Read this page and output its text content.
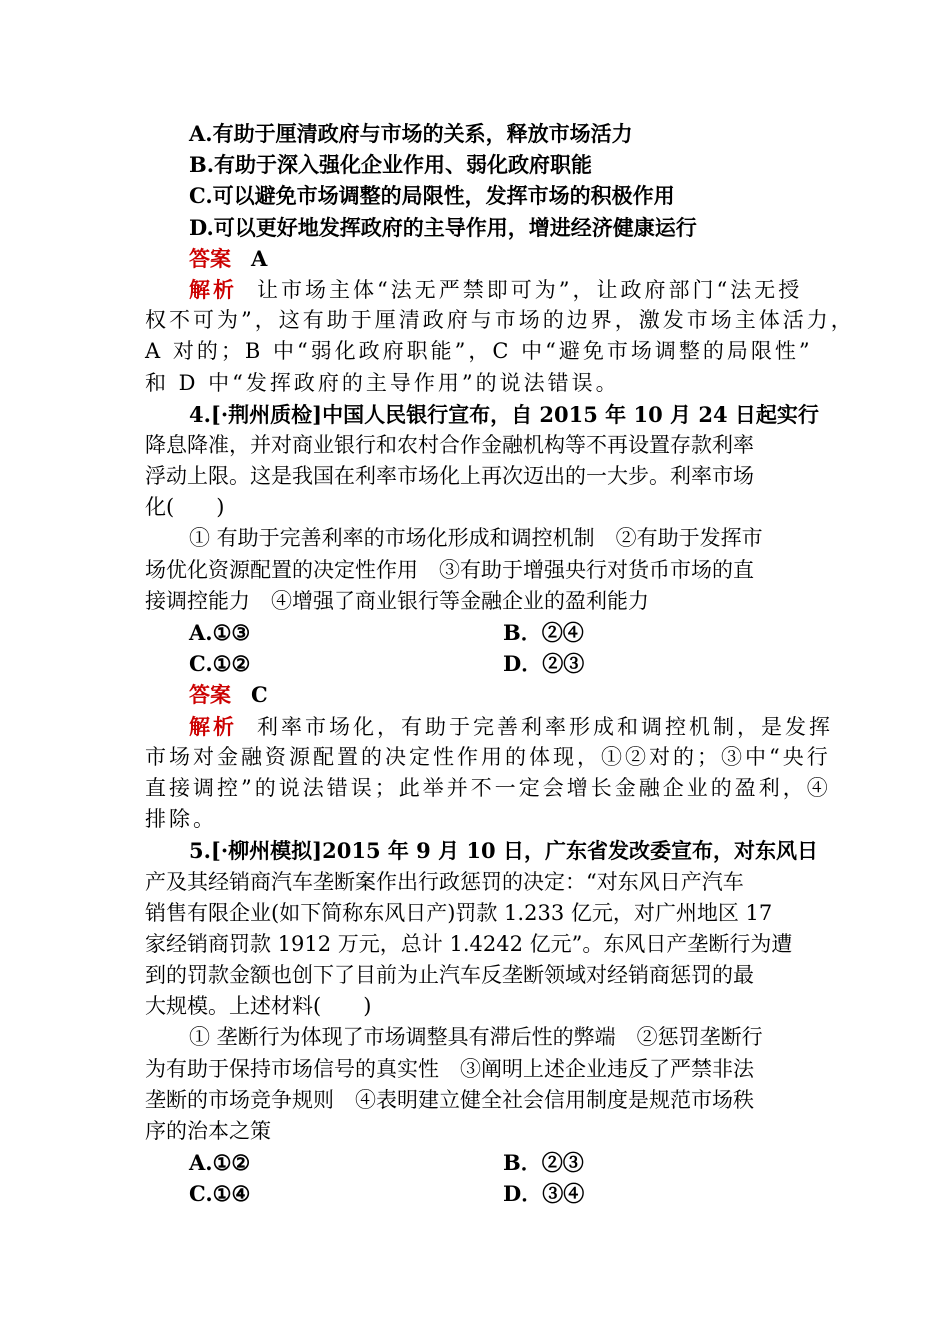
A.有助于厘清政府与市场的关系，释放市场活力
B.有助于深入强化企业作用、弱化政府职能
C.可以避免市场调整的局限性，发挥市场的积极作用
D.可以更好地发挥政府的主导作用，增进经济健康运行
答案 A
解析 让市场主体“法无严禁即可为”，让政府部门“法无授
权不可为”，这有助于厘清政府与市场的边界，激发市场主体活力，
A 对的；B 中“弱化政府职能”，C 中“避免市场调整的局限性”
和 D 中“发挥政府的主导作用”的说法错误。
4.[·荆州质检]中国人民银行宣布，自 2015 年 10 月 24 日起实行
降息降准，并对商业银行和农村合作金融机构等不再设置存款利率
浮动上限。这是我国在利率市场化上再次迈出的一大步。利率市场
化(　　)
① 有助于完善利率的市场化形成和调控机制　②有助于发挥市
场优化资源配置的决定性作用　③有助于增强央行对货币市场的直
接调控能力　④增强了商业银行等金融企业的盈利能力
A.①③	B．②④
C.①②	D．②③
答案 C
解析 利率市场化，有助于完善利率形成和调控机制，是发挥
市场对金融资源配置的决定性作用的体现，①②对的；③中“央行
直接调控”的说法错误；此举并不一定会增长金融企业的盈利，④
排除。
5.[·柳州模拟]2015 年 9 月 10 日，广东省发改委宣布，对东风日
产及其经销商汽车垄断案作出行政惩罚的决定：“对东风日产汽车
销售有限企业(如下简称东风日产)罚款 1.233 亿元，对广州地区 17
家经销商罚款 1912 万元，总计 1.4242 亿元”。东风日产垄断行为遭
到的罚款金额也创下了目前为止汽车反垄断领域对经销商惩罚的最
大规模。上述材料(　　)
① 垄断行为体现了市场调整具有滞后性的弊端　②惩罚垄断行
为有助于保持市场信号的真实性　③阐明上述企业违反了严禁非法
垄断的市场竞争规则　④表明建立健全社会信用制度是规范市场秩
序的治本之策
A.①②	B．②③
C.①④	D．③④
